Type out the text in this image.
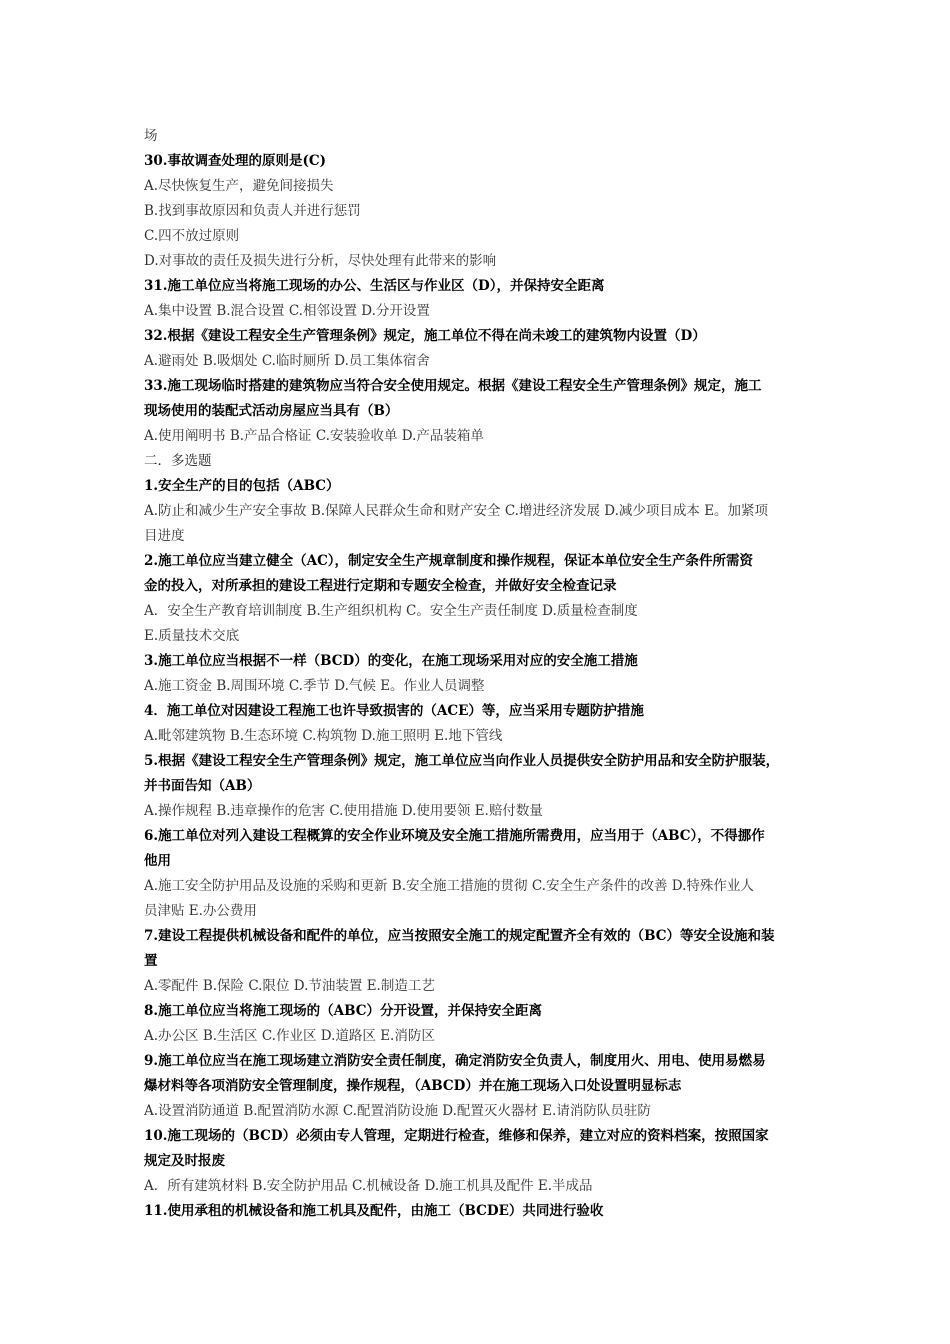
场
30.事故调查处理的原则是(C)
A.尽快恢复生产，避免间接损失
B.找到事故原因和负责人并进行惩罚
C.四不放过原则
D.对事故的责任及损失进行分析，尽快处理有此带来的影响
31.施工单位应当将施工现场的办公、生活区与作业区（D），并保持安全距离
A.集中设置 B.混合设置 C.相邻设置 D.分开设置
32.根据《建设工程安全生产管理条例》规定，施工单位不得在尚未竣工的建筑物内设置（D）
A.避雨处 B.吸烟处 C.临时厕所 D.员工集体宿舍
33.施工现场临时搭建的建筑物应当符合安全使用规定。根据《建设工程安全生产管理条例》规定，施工
现场使用的装配式活动房屋应当具有（B）
A.使用阐明书 B.产品合格证 C.安装验收单 D.产品装箱单
二．多选题
1.安全生产的目的包括（ABC）
A.防止和减少生产安全事故 B.保障人民群众生命和财产安全 C.增进经济发展 D.减少项目成本 E。加紧项
目进度
2.施工单位应当建立健全（AC），制定安全生产规章制度和操作规程，保证本单位安全生产条件所需资
金的投入，对所承担的建设工程进行定期和专题安全检查，并做好安全检查记录
A．安全生产教育培训制度 B.生产组织机构 C。安全生产责任制度 D.质量检查制度
E.质量技术交底
3.施工单位应当根据不一样（BCD）的变化，在施工现场采用对应的安全施工措施
A.施工资金 B.周围环境 C.季节 D.气候 E。作业人员调整
4．施工单位对因建设工程施工也许导致损害的（ACE）等，应当采用专题防护措施
A.毗邻建筑物 B.生态环境 C.构筑物 D.施工照明 E.地下管线
5.根据《建设工程安全生产管理条例》规定，施工单位应当向作业人员提供安全防护用品和安全防护服装，
并书面告知（AB）
A.操作规程 B.违章操作的危害 C.使用措施 D.使用要领 E.赔付数量
6.施工单位对列入建设工程概算的安全作业环境及安全施工措施所需费用，应当用于（ABC），不得挪作
他用
A.施工安全防护用品及设施的采购和更新 B.安全施工措施的贯彻 C.安全生产条件的改善 D.特殊作业人
员津贴 E.办公费用
7.建设工程提供机械设备和配件的单位，应当按照安全施工的规定配置齐全有效的（BC）等安全设施和装
置
A.零配件 B.保险 C.限位 D.节油装置 E.制造工艺
8.施工单位应当将施工现场的（ABC）分开设置，并保持安全距离
A.办公区 B.生活区 C.作业区 D.道路区 E.消防区
9.施工单位应当在施工现场建立消防安全责任制度，确定消防安全负责人，制度用火、用电、使用易燃易
爆材料等各项消防安全管理制度，操作规程，（ABCD）并在施工现场入口处设置明显标志
A.设置消防通道 B.配置消防水源 C.配置消防设施 D.配置灭火器材 E.请消防队员驻防
10.施工现场的（BCD）必须由专人管理，定期进行检查，维修和保养，建立对应的资料档案，按照国家
规定及时报废
A．所有建筑材料 B.安全防护用品 C.机械设备 D.施工机具及配件 E.半成品
11.使用承租的机械设备和施工机具及配件，由施工（BCDE）共同进行验收
